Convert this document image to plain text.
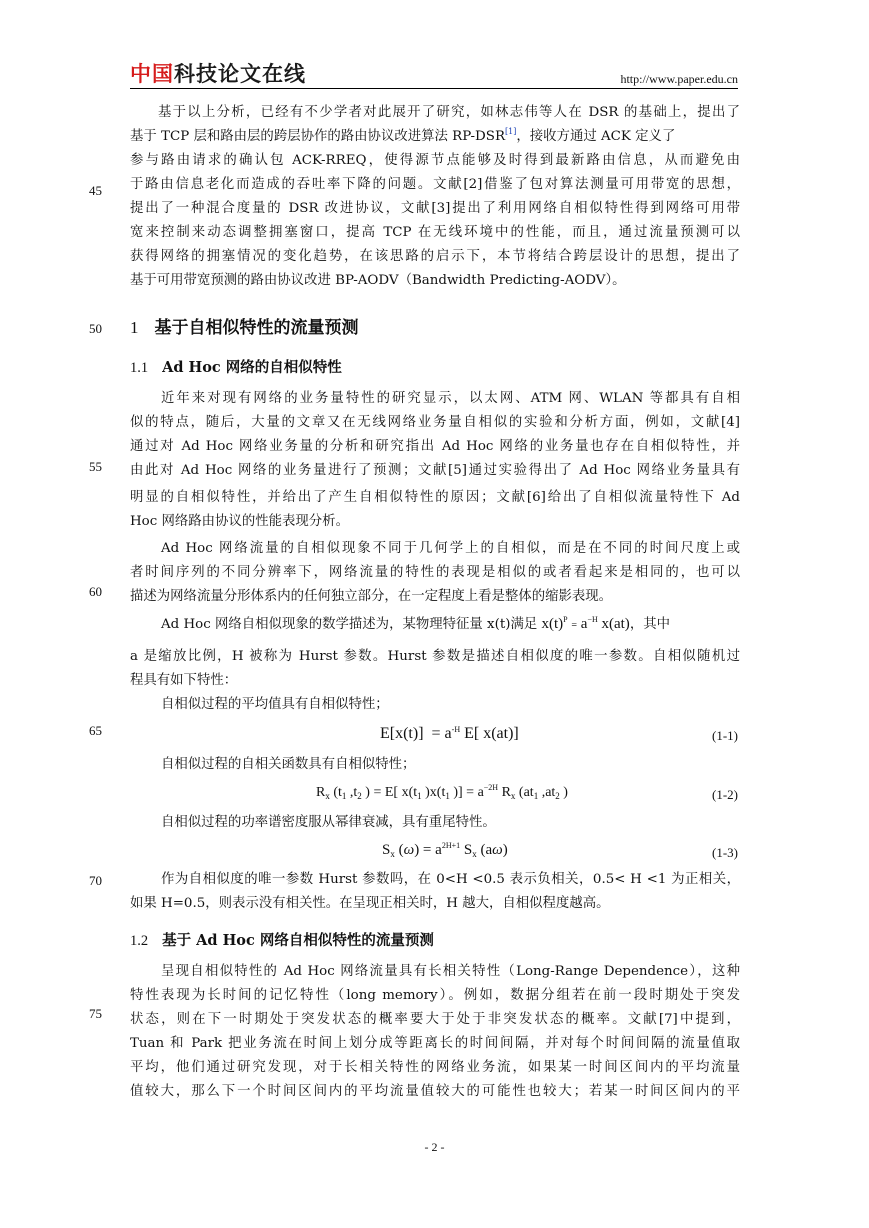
中国科技论文在线	http://www.paper.edu.cn
基于以上分析，已经有不少学者对此展开了研究，如林志伟等人在 DSR 的基础上，提出了
基于 TCP 层和路由层的跨层协作的路由协议改进算法 RP-DSR[1]，接收方通过 ACK 定义了
参与路由请求的确认包 ACK-RREQ，使得源节点能够及时得到最新路由信息，从而避免由
于路由信息老化而造成的吞吐率下降的问题。文献[2]借鉴了包对算法测量可用带宽的思想，
提出了一种混合度量的 DSR 改进协议，文献[3]提出了利用网络自相似特性得到网络可用带
宽来控制来动态调整拥塞窗口，提高 TCP 在无线环境中的性能，而且，通过流量预测可以
获得网络的拥塞情况的变化趋势，在该思路的启示下，本节将结合跨层设计的思想，提出了
基于可用带宽预测的路由协议改进 BP-AODV（Bandwidth Predicting-AODV）。
1 基于自相似特性的流量预测
1.1 Ad Hoc 网络的自相似特性
近年来对现有网络的业务量特性的研究显示，以太网、ATM 网、WLAN 等都具有自相
似的特点，随后，大量的文章又在无线网络业务量自相似的实验和分析方面，例如，文献[4]
通过对 Ad Hoc 网络业务量的分析和研究指出 Ad Hoc 网络的业务量也存在自相似特性，并
由此对 Ad Hoc 网络的业务量进行了预测；文献[5]通过实验得出了 Ad Hoc 网络业务量具有
明显的自相似特性，并给出了产生自相似特性的原因；文献[6]给出了自相似流量特性下 Ad
Hoc 网络路由协议的性能表现分析。
Ad Hoc 网络流量的自相似现象不同于几何学上的自相似，而是在不同的时间尺度上或
者时间序列的不同分辨率下，网络流量的特性的表现是相似的或者看起来是相同的，也可以
描述为网络流量分形体系内的任何独立部分，在一定程度上看是整体的缩影表现。
Ad Hoc 网络自相似现象的数学描述为，某物理特征量 x(t)满足 $x(t)^P = a^{-H}$ x(at)，其中
a 是缩放比例，H 被称为 Hurst 参数。Hurst 参数是描述自相似度的唯一参数。自相似随机过
程具有如下特性：
自相似过程的平均值具有自相似特性；
$E[x(t)] = a^{-H}$ E[ x(at)]	(1-1)
自相似过程的自相关函数具有自相似特性；
$R_x$ ($t_1$ $,t_2$ ) = E[ $x(t_1$ )$x(t_1$ )] = $a^{-2H}$ $R_x$ ($at_1$ $,at_2$ )	(1-2)
自相似过程的功率谱密度服从幂律衰减，具有重尾特性。
$S_x$ $(\omega) = a^{2H+1}$ $S_x$ (aω)	(1-3)
作为自相似度的唯一参数 Hurst 参数吗，在 0<H <0.5 表示负相关，0.5< H <1 为正相关，
如果 H=0.5，则表示没有相关性。在呈现正相关时，H 越大，自相似程度越高。
1.2 基于 Ad Hoc 网络自相似特性的流量预测
呈现自相似特性的 Ad Hoc 网络流量具有长相关特性（Long-Range Dependence），这种
特性表现为长时间的记忆特性（long memory）。例如，数据分组若在前一段时期处于突发
状态，则在下一时期处于突发状态的概率要大于处于非突发状态的概率。文献[7]中提到，
Tuan 和 Park 把业务流在时间上划分成等距离长的时间间隔，并对每个时间间隔的流量值取
平均，他们通过研究发现，对于长相关特性的网络业务流，如果某一时间区间内的平均流量
值较大，那么下一个时间区间内的平均流量值较大的可能性也较大；若某一时间区间内的平
45
50
55
60
65
70
75
- 2 -
